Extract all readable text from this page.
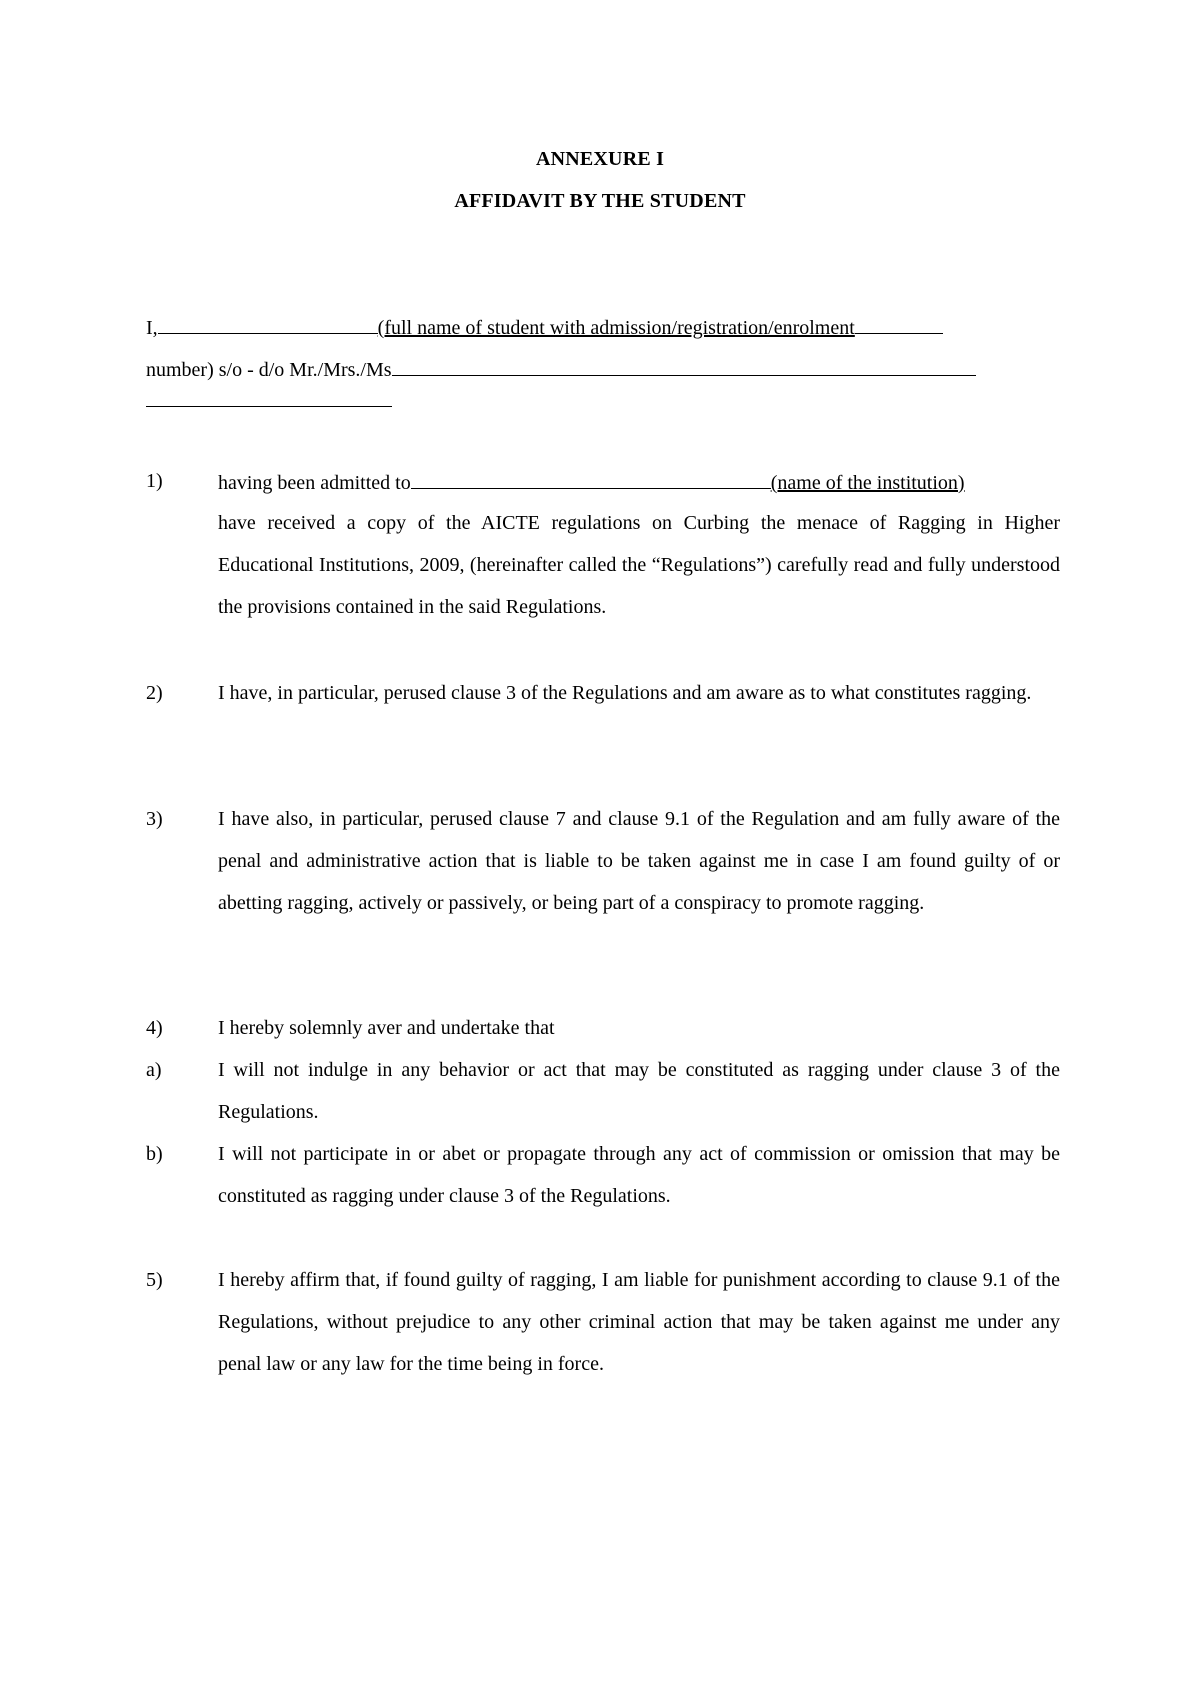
ANNEXURE I
AFFIDAVIT BY THE STUDENT
I,	(full name of student with admission/registration/enrolment
number) s/o - d/o Mr./Mrs./Ms
1)	having been admitted to	(name of the institution)
have received a copy of the AICTE regulations on Curbing the menace of Ragging in Higher Educational Institutions, 2009, (hereinafter called the “Regulations”) carefully read and fully understood the provisions contained in the said Regulations.
2)	I have, in particular, perused clause 3 of the Regulations and am aware as to what constitutes ragging.
3)	I have also, in particular, perused clause 7 and clause 9.1 of the Regulation and am fully aware of the penal and administrative action that is liable to be taken against me in case I am found guilty of or abetting ragging, actively or passively, or being part of a conspiracy to promote ragging.
4)	I hereby solemnly aver and undertake that
a)	I will not indulge in any behavior or act that may be constituted as ragging under clause 3 of the Regulations.
b)	I will not participate in or abet or propagate through any act of commission or omission that may be constituted as ragging under clause 3 of the Regulations.
5)	I hereby affirm that, if found guilty of ragging, I am liable for punishment according to clause 9.1 of the Regulations, without prejudice to any other criminal action that may be taken against me under any penal law or any law for the time being in force.
